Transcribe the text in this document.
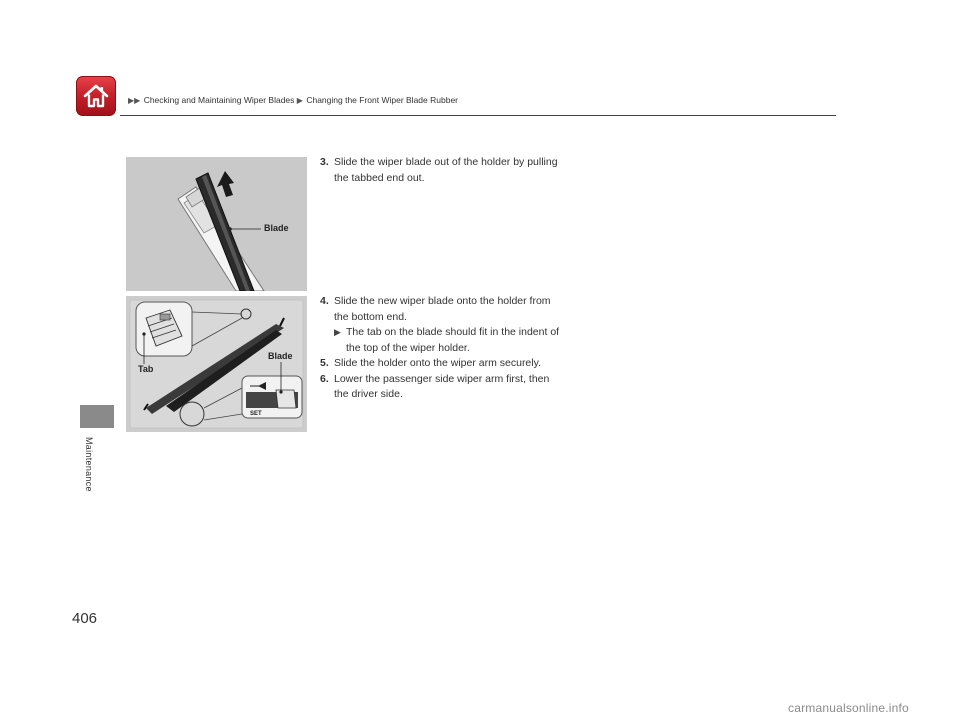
▶▶ Checking and Maintaining Wiper Blades ▶ Changing the Front Wiper Blade Rubber
Maintenance
406
Blade
SET
Blade
Tab
3. Slide the wiper blade out of the holder by pulling the tabbed end out.
4. Slide the new wiper blade onto the holder from the bottom end.
▶ The tab on the blade should fit in the indent of the top of the wiper holder.
5. Slide the holder onto the wiper arm securely.
6. Lower the passenger side wiper arm first, then the driver side.
carmanualsonline.info
